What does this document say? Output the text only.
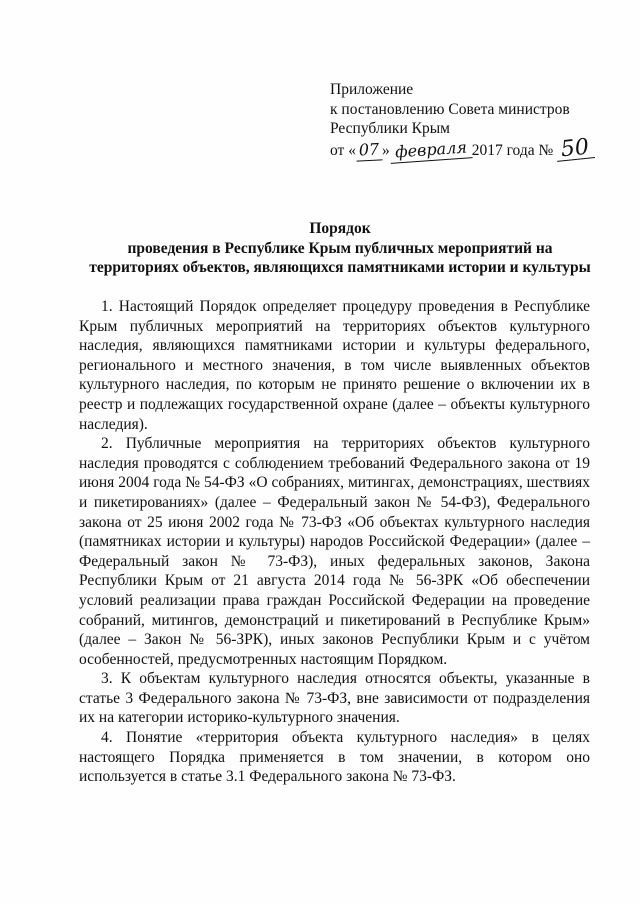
Приложение
к постановлению Совета министров
Республики Крым
от « 07 » февраля 2017 года № 50
Порядок
проведения в Республике Крым публичных мероприятий на
территориях объектов, являющихся памятниками истории и культуры

1. Настоящий Порядок определяет процедуру проведения в Республике Крым публичных мероприятий на территориях объектов культурного наследия, являющихся памятниками истории и культуры федерального, регионального и местного значения, в том числе выявленных объектов культурного наследия, по которым не принято решение о включении их в реестр и подлежащих государственной охране (далее – объекты культурного наследия).

2. Публичные мероприятия на территориях объектов культурного наследия проводятся с соблюдением требований Федерального закона от 19 июня 2004 года № 54-ФЗ «О собраниях, митингах, демонстрациях, шествиях и пикетированиях» (далее – Федеральный закон № 54-ФЗ), Федерального закона от 25 июня 2002 года № 73-ФЗ «Об объектах культурного наследия (памятниках истории и культуры) народов Российской Федерации» (далее – Федеральный закон № 73-ФЗ), иных федеральных законов, Закона Республики Крым от 21 августа 2014 года № 56-ЗРК «Об обеспечении условий реализации права граждан Российской Федерации на проведение собраний, митингов, демонстраций и пикетирований в Республике Крым» (далее – Закон № 56-ЗРК), иных законов Республики Крым и с учётом особенностей, предусмотренных настоящим Порядком.

3. К объектам культурного наследия относятся объекты, указанные в статье 3 Федерального закона № 73-ФЗ, вне зависимости от подразделения их на категории историко-культурного значения.

4. Понятие «территория объекта культурного наследия» в целях настоящего Порядка применяется в том значении, в котором оно используется в статье 3.1 Федерального закона № 73-ФЗ.
